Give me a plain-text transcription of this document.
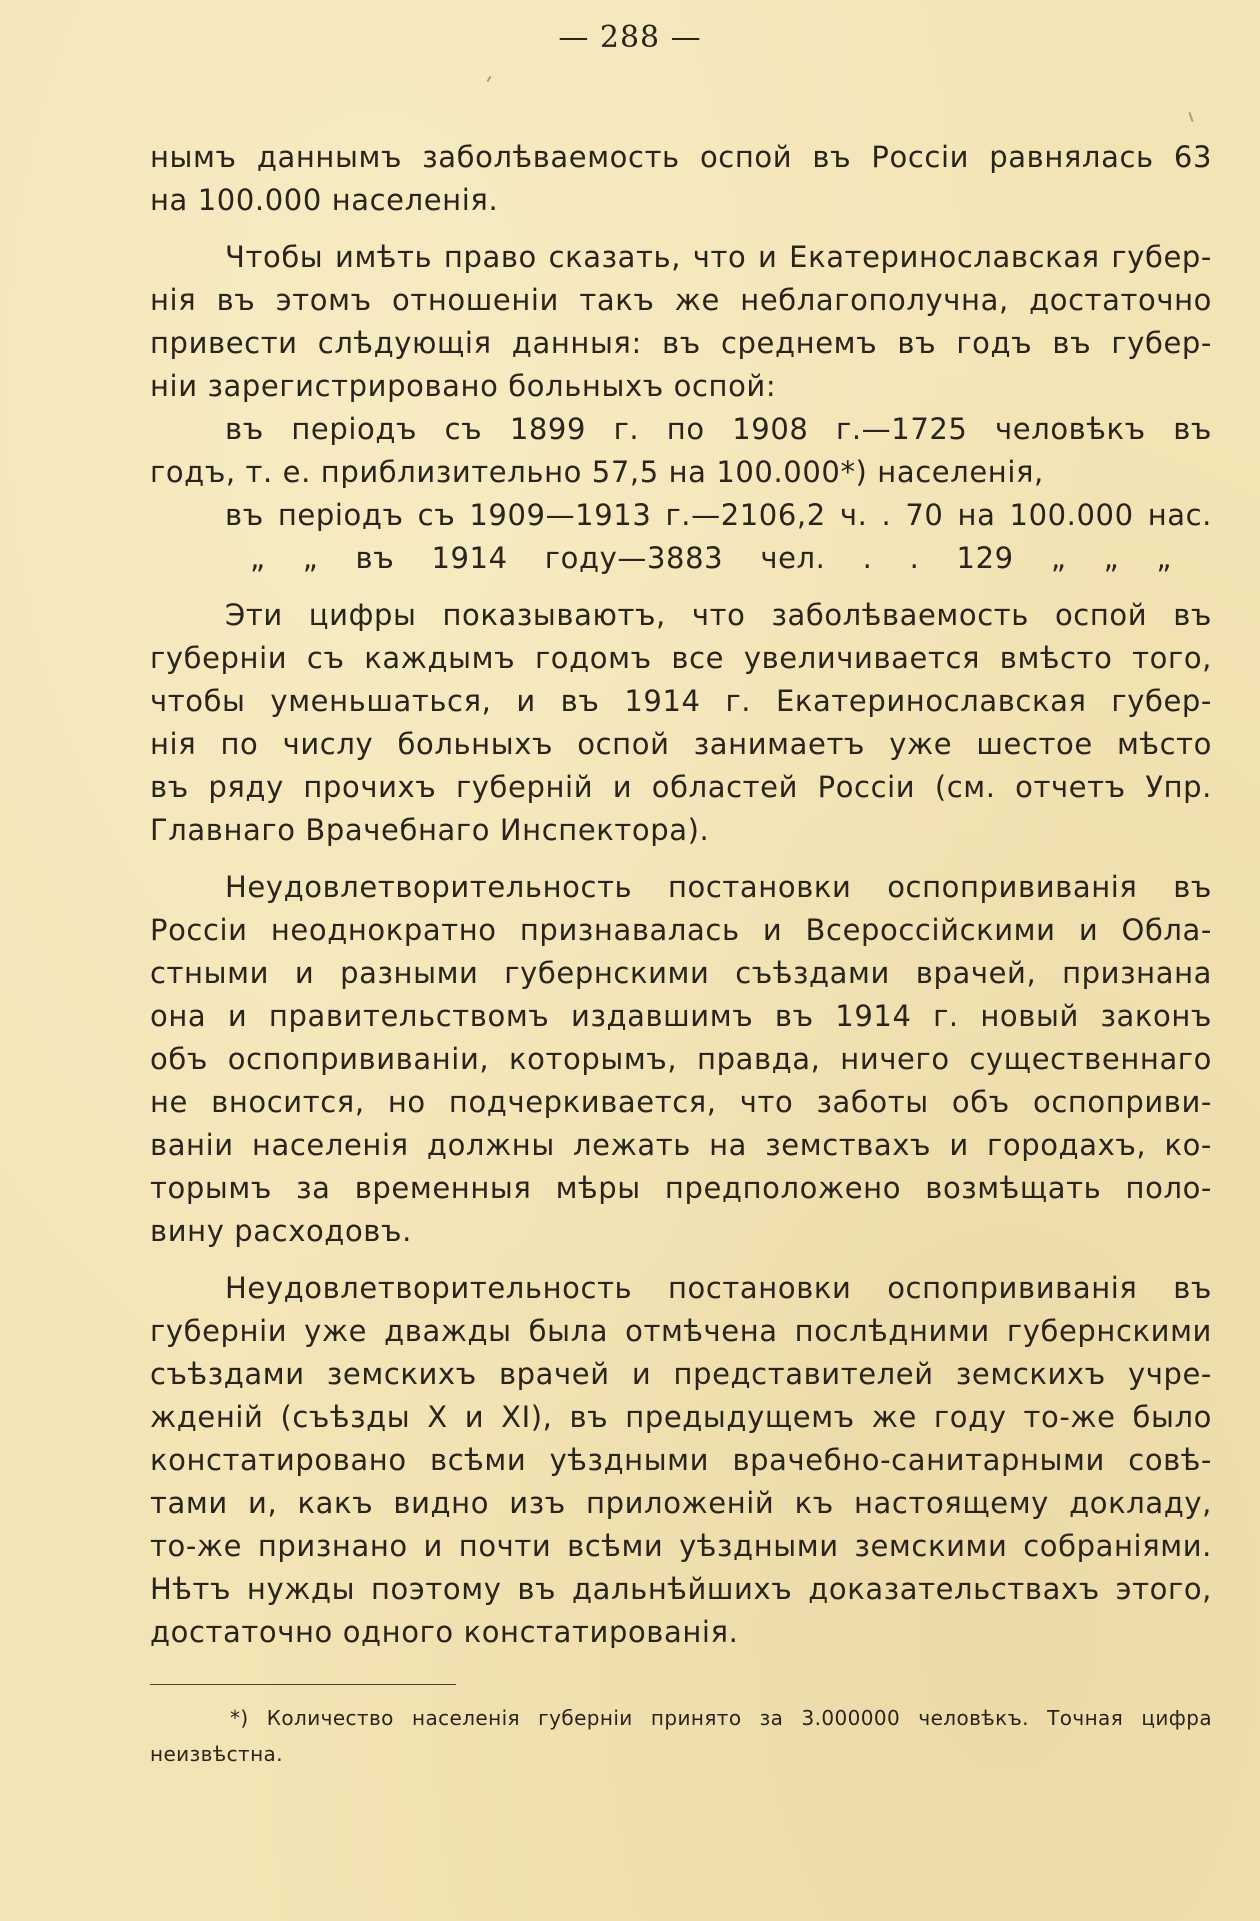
— 288 —
нымъ даннымъ заболѣваемость оспой въ Россіи равнялась 63
на 100.000 населенія.
Чтобы имѣть право сказать, что и Екатеринославская губер-
нія въ этомъ отношеніи такъ же неблагополучна, достаточно
привести слѣдующія данныя: въ среднемъ въ годъ въ губер-
ніи зарегистрировано больныхъ оспой:
въ періодъ съ 1899 г. по 1908 г.—1725 человѣкъ въ
годъ, т. е. приблизительно 57,5 на 100.000*) населенія,
въ періодъ съ 1909—1913 г.—2106,2 ч. . 70 на 100.000 нас.
„ „ въ 1914 году—3883 чел. . . 129 „ „ „
Эти цифры показываютъ, что заболѣваемость оспой въ
губерніи съ каждымъ годомъ все увеличивается вмѣсто того,
чтобы уменьшаться, и въ 1914 г. Екатеринославская губер-
нія по числу больныхъ оспой занимаетъ уже шестое мѣсто
въ ряду прочихъ губерній и областей Россіи (см. отчетъ Упр.
Главнаго Врачебнаго Инспектора).
Неудовлетворительность постановки оспопрививанія въ
Россіи неоднократно признавалась и Всероссійскими и Обла-
стными и разными губернскими съѣздами врачей, признана
она и правительствомъ издавшимъ въ 1914 г. новый законъ
объ оспопрививаніи, которымъ, правда, ничего существеннаго
не вносится, но подчеркивается, что заботы объ оспоприви-
ваніи населенія должны лежать на земствахъ и городахъ, ко-
торымъ за временныя мѣры предположено возмѣщать поло-
вину расходовъ.
Неудовлетворительность постановки оспопрививанія въ
губерніи уже дважды была отмѣчена послѣдними губернскими
съѣздами земскихъ врачей и представителей земскихъ учре-
жденій (съѣзды X и XI), въ предыдущемъ же году то-же было
констатировано всѣми уѣздными врачебно-санитарными совѣ-
тами и, какъ видно изъ приложеній къ настоящему докладу,
то-же признано и почти всѣми уѣздными земскими собраніями.
Нѣтъ нужды поэтому въ дальнѣйшихъ доказательствахъ этого,
достаточно одного констатированія.
*) Количество населенія губерніи принято за 3.000000 человѣкъ. Точная цифра
неизвѣстна.
